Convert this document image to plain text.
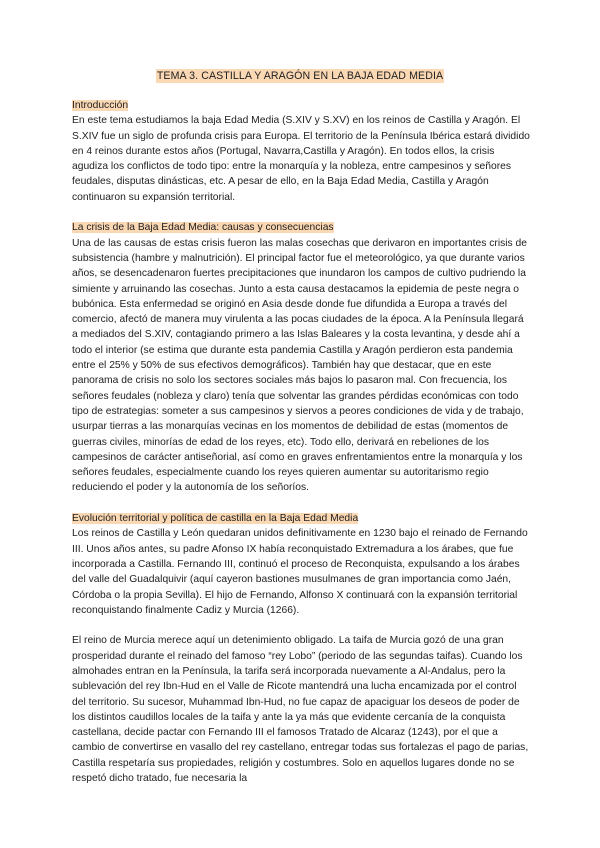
TEMA 3. CASTILLA Y ARAGÓN EN LA BAJA EDAD MEDIA

Introducción

En este tema estudiamos la baja Edad Media (S.XIV y S.XV) en los reinos de Castilla y Aragón. El S.XIV fue un siglo de profunda crisis para Europa. El territorio de la Península Ibérica estará dividido en 4 reinos durante estos años (Portugal, Navarra,Castilla y Aragón). En todos ellos, la crisis agudiza los conflictos de todo tipo: entre la monarquía y la nobleza, entre campesinos y señores feudales, disputas dinásticas, etc. A pesar de ello, en la Baja Edad Media, Castilla y Aragón continuaron su expansión territorial.

La crisis de la Baja Edad Media: causas y consecuencias

Una de las causas de estas crisis fueron las malas cosechas que derivaron en importantes crisis de subsistencia (hambre y malnutrición). El principal factor fue el meteorológico, ya que durante varios años, se desencadenaron fuertes precipitaciones que inundaron los campos de cultivo pudriendo la simiente y arruinando las cosechas. Junto a esta causa destacamos la epidemia de peste negra o bubónica. Esta enfermedad se originó en Asia desde donde fue difundida a Europa a través del comercio, afectó de manera muy virulenta a las pocas ciudades de la época. A la Península llegará a mediados del S.XIV, contagiando primero a las Islas Baleares y la costa levantina, y desde ahí a todo el interior (se estima que durante esta pandemia Castilla y Aragón perdieron esta pandemia entre el 25% y 50% de sus efectivos demográficos). También hay que destacar, que en este panorama de crisis no solo los sectores sociales más bajos lo pasaron mal. Con frecuencia, los señores feudales (nobleza y claro) tenía que solventar las grandes pérdidas económicas con todo tipo de estrategias: someter a sus campesinos y siervos a peores condiciones de vida y de trabajo, usurpar tierras a las monarquías vecinas en los momentos de debilidad de estas (momentos de guerras civiles, minorías de edad de los reyes, etc). Todo ello, derivará en rebeliones de los campesinos de carácter antiseñorial, así como en graves enfrentamientos entre la monarquía y los señores feudales, especialmente cuando los reyes quieren aumentar su autoritarismo regio reduciendo el poder y la autonomía de los señoríos.

Evolución territorial y política de castilla en la Baja Edad Media

Los reinos de Castilla y León quedaran unidos definitivamente en 1230 bajo el reinado de Fernando III. Unos años antes, su padre Afonso IX había reconquistado Extremadura a los árabes, que fue incorporada a Castilla. Fernando III, continuó el proceso de Reconquista, expulsando a los árabes del valle del Guadalquivir (aquí cayeron bastiones musulmanes de gran importancia como Jaén, Córdoba o la propia Sevilla). El hijo de Fernando, Alfonso X continuará con la expansión territorial reconquistando finalmente Cadiz y Murcia (1266).

El reino de Murcia merece aquí un detenimiento obligado. La taifa de Murcia gozó de una gran prosperidad durante el reinado del famoso “rey Lobo” (periodo de las segundas taifas). Cuando los almohades entran en la Península, la tarifa será incorporada nuevamente a Al-Andalus, pero la sublevación del rey Ibn-Hud en el Valle de Ricote mantendrá una lucha encamizada por el control del territorio. Su sucesor, Muhammad Ibn-Hud, no fue capaz de apaciguar los deseos de poder de los distintos caudillos locales de la taifa y ante la ya más que evidente cercanía de la conquista castellana, decide pactar con Fernando III el famosos Tratado de Alcaraz (1243), por el que a cambio de convertirse en vasallo del rey castellano, entregar todas sus fortalezas el pago de parias, Castilla respetaría sus propiedades, religión y costumbres. Solo en aquellos lugares donde no se respetó dicho tratado, fue necesaria la
